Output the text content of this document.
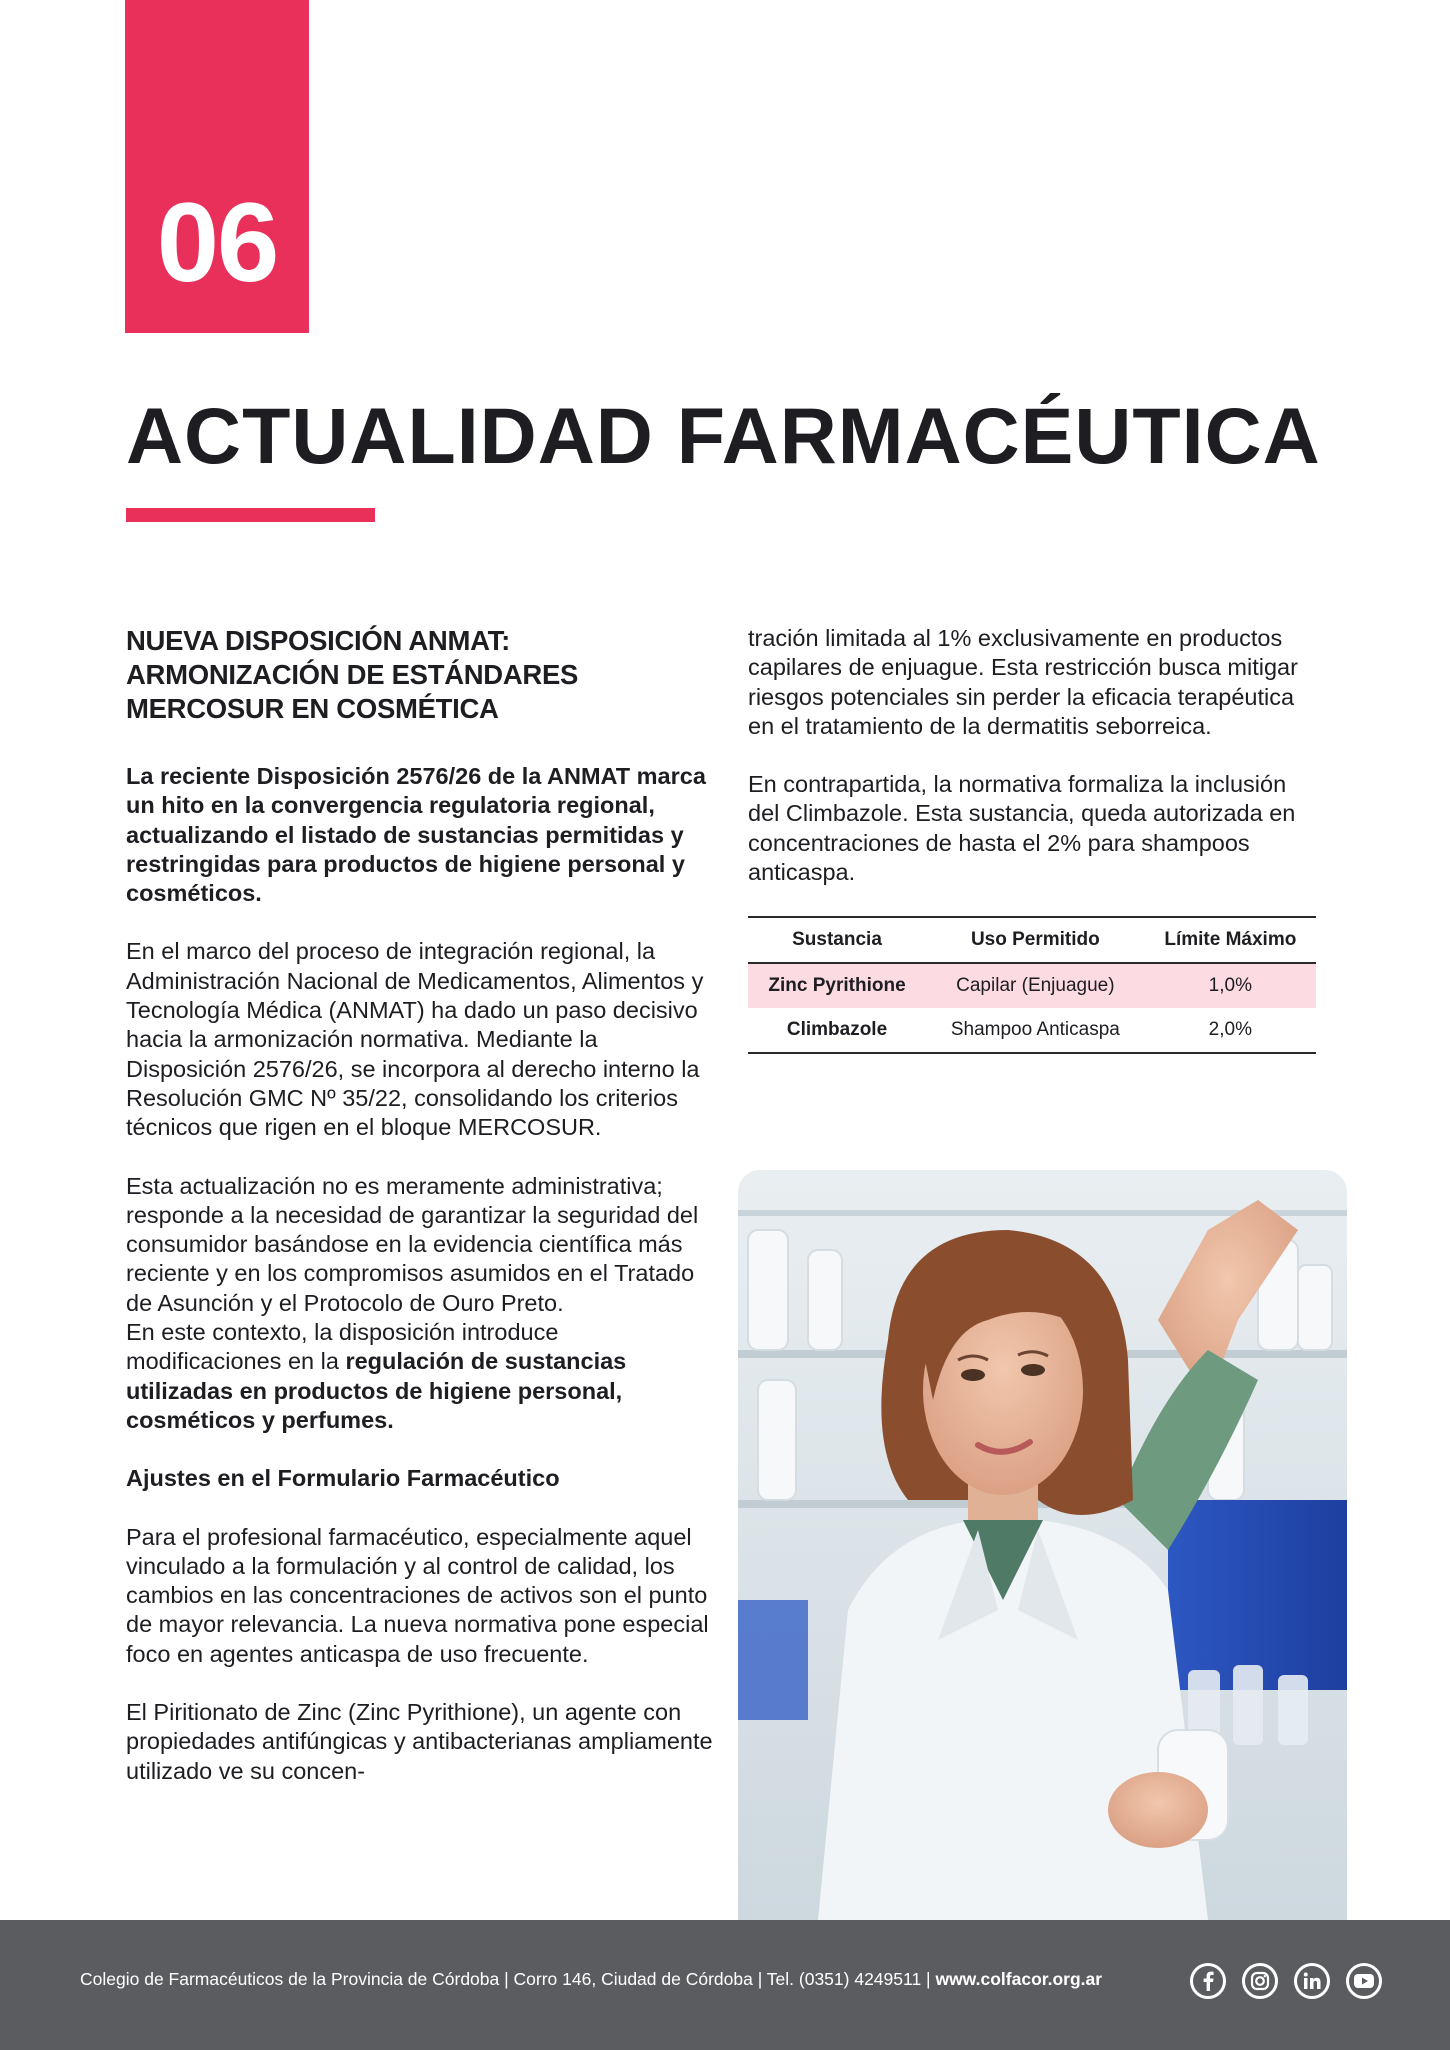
06
ACTUALIDAD FARMACÉUTICA
NUEVA DISPOSICIÓN ANMAT:
ARMONIZACIÓN DE ESTÁNDARES
MERCOSUR EN COSMÉTICA

La reciente Disposición 2576/26 de la ANMAT marca un hito en la convergencia regulatoria regional, actualizando el listado de sustancias permitidas y restringidas para productos de higiene personal y cosméticos.

En el marco del proceso de integración regional, la Administración Nacional de Medicamentos, Alimentos y Tecnología Médica (ANMAT) ha dado un paso decisivo hacia la armonización normativa. Mediante la Disposición 2576/26, se incorpora al derecho interno la Resolución GMC Nº 35/22, consolidando los criterios técnicos que rigen en el bloque MERCOSUR.

Esta actualización no es meramente administrativa; responde a la necesidad de garantizar la seguridad del consumidor basándose en la evidencia científica más reciente y en los compromisos asumidos en el Tratado de Asunción y el Protocolo de Ouro Preto.

En este contexto, la disposición introduce modificaciones en la regulación de sustancias utilizadas en productos de higiene personal, cosméticos y perfumes.

Ajustes en el Formulario Farmacéutico

Para el profesional farmacéutico, especialmente aquel vinculado a la formulación y al control de calidad, los cambios en las concentraciones de activos son el punto de mayor relevancia. La nueva normativa pone especial foco en agentes anticaspa de uso frecuente.

El Piritionato de Zinc (Zinc Pyrithione), un agente con propiedades antifúngicas y antibacterianas ampliamente utilizado ve su concen-

tración limitada al 1% exclusivamente en productos capilares de enjuague. Esta restricción busca mitigar riesgos potenciales sin perder la eficacia terapéutica en el tratamiento de la dermatitis seborreica.

En contrapartida, la normativa formaliza la inclusión del Climbazole. Esta sustancia, queda autorizada en concentraciones de hasta el 2% para shampoos anticaspa.

Sustancia	Uso Permitido	Límite Máximo
Zinc Pyrithione	Capilar (Enjuague)	1,0%
Climbazole	Shampoo Anticaspa	2,0%
Colegio de Farmacéuticos de la Provincia de Córdoba | Corro 146, Ciudad de Córdoba | Tel. (0351) 4249511 | www.colfacor.org.ar
